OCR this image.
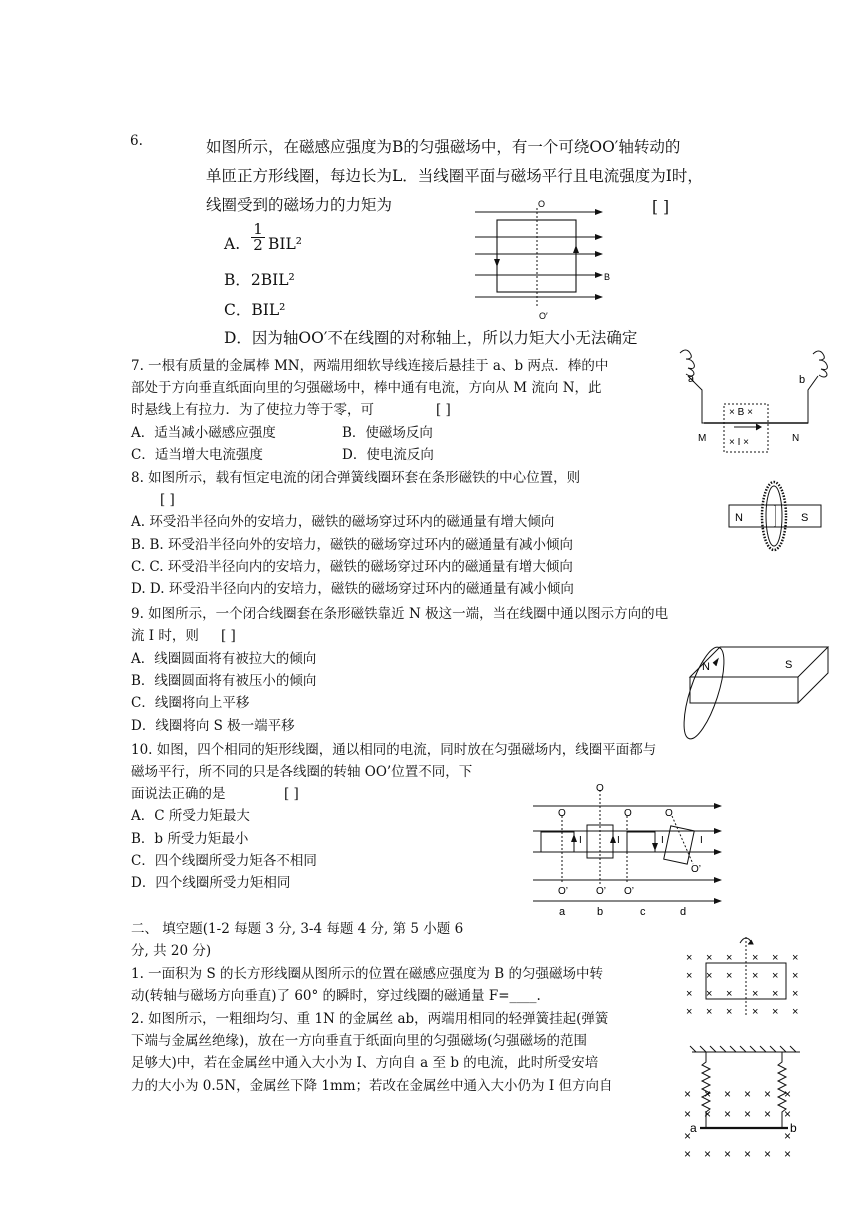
6.	如图所示，在磁感应强度为B的匀强磁场中，有一个可绕OO′轴转动的
单匝正方形线圈，每边长为L．当线圈平面与磁场平行且电流强度为I时，
线圈受到的磁场力的力矩为	[ ]
A. $\frac{1}{2} BIL^2$
B．2BIL²
C．BIL²
D．因为轴OO′不在线圈的对称轴上，所以力矩大小无法确定
O
O′
B
7. 一根有质量的金属棒 MN，两端用细软导线连接后悬挂于 a、b 两点．棒的中
部处于方向垂直纸面向里的匀强磁场中，棒中通有电流，方向从 M 流向 N，此
时悬线上有拉力．为了使拉力等于零，可	[ ]
A．适当减小磁感应强度	B．使磁场反向
C．适当增大电流强度	D．使电流反向
a	b
M	N
× B ×
× I ×
8. 如图所示，载有恒定电流的闭合弹簧线圈环套在条形磁铁的中心位置，则
[ ]
A. 环受沿半径向外的安培力，磁铁的磁场穿过环内的磁通量有增大倾向
B. B. 环受沿半径向外的安培力，磁铁的磁场穿过环内的磁通量有减小倾向
C. C. 环受沿半径向内的安培力，磁铁的磁场穿过环内的磁通量有增大倾向
D. D. 环受沿半径向内的安培力，磁铁的磁场穿过环内的磁通量有减小倾向
N	S
9. 如图所示，一个闭合线圈套在条形磁铁靠近 N 极这一端，当在线圈中通以图示方向的电
流 I 时，则 [ ]
A．线圈圆面将有被拉大的倾向
B．线圈圆面将有被压小的倾向
C．线圈将向上平移
D．线圈将向 S 极一端平移
N	S
10. 如图，四个相同的矩形线圈，通以相同的电流，同时放在匀强磁场内，线圈平面都与
磁场平行，所不同的只是各线圈的转轴 OO’位置不同，下
面说法正确的是	[ ]
A．C 所受力矩最大
B．b 所受力矩最小
C．四个线圈所受力矩各不相同
D．四个线圈所受力矩相同
O
O
O	O
I	I	I	I
O’
O’	O’ O’
a	b	c	d
二、 填空题(1-2 每题 3 分, 3-4 每题 4 分, 第 5 小题 6
分, 共 20 分)
1. 一面积为 S 的长方形线圈从图所示的位置在磁感应强度为 B 的匀强磁场中转
动(转轴与磁场方向垂直)了 60° 的瞬时，穿过线圈的磁通量 F=____.
2. 如图所示，一粗细均匀、重 1N 的金属丝 ab，两端用相同的轻弹簧挂起(弹簧
下端与金属丝绝缘)，放在一方向垂直于纸面向里的匀强磁场(匀强磁场的范围
足够大)中，若在金属丝中通入大小为 I、方向自 a 至 b 的电流，此时所受安培
力的大小为 0.5N，金属丝下降 1mm；若改在金属丝中通入大小仍为 I 但方向自
× × × × × ×
× × × × × ×
× × × × × ×
× × × × × ×
a	b
× × × × × ×
× × × × × ×
×	×
× × × × × ×
